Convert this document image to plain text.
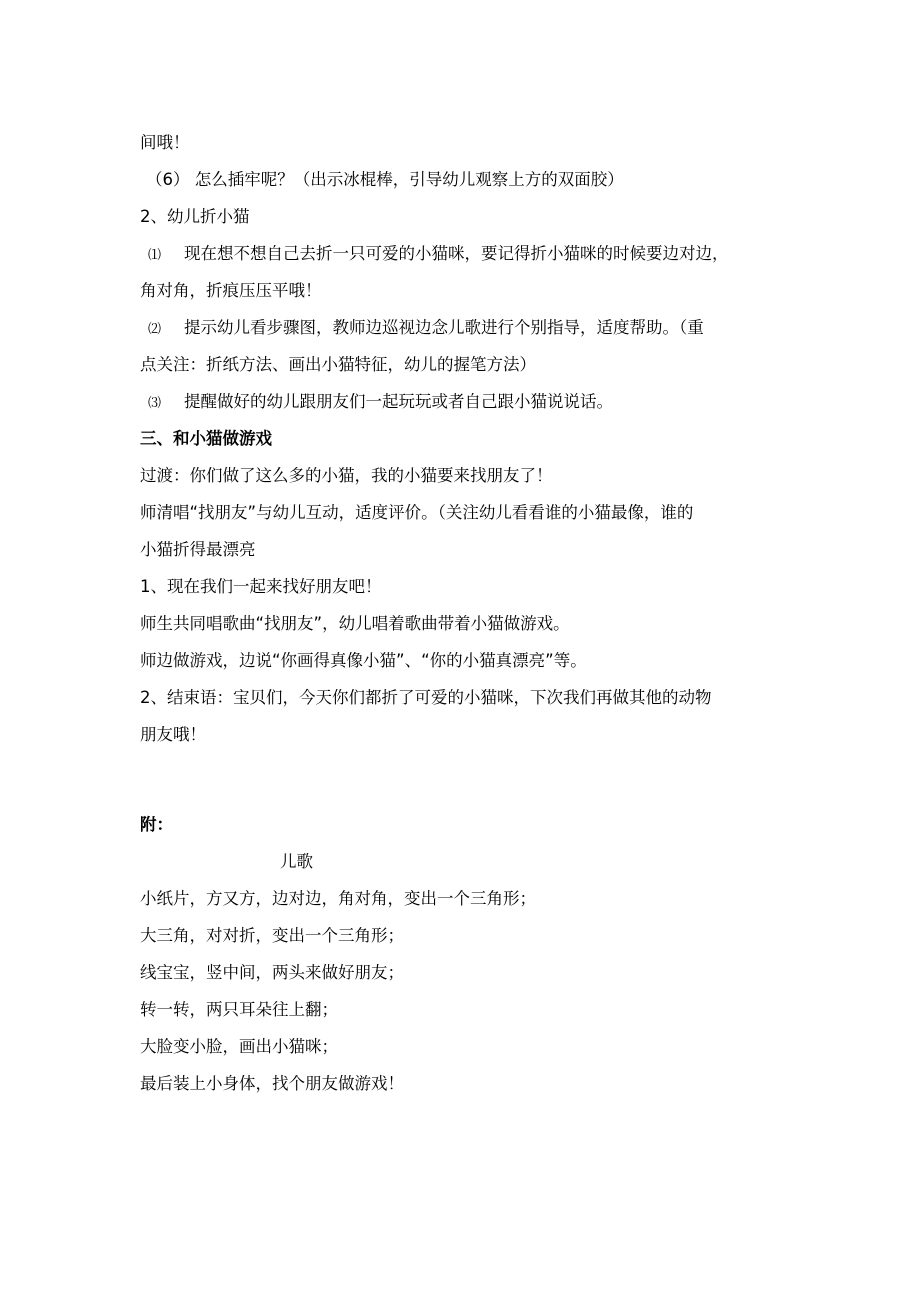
间哦！
（6） 怎么插牢呢？（出示冰棍棒，引导幼儿观察上方的双面胶）
2、幼儿折小猫
⑴ 现在想不想自己去折一只可爱的小猫咪，要记得折小猫咪的时候要边对边，
角对角，折痕压压平哦！
⑵ 提示幼儿看步骤图，教师边巡视边念儿歌进行个别指导，适度帮助。（重
点关注：折纸方法、画出小猫特征，幼儿的握笔方法）
⑶ 提醒做好的幼儿跟朋友们一起玩玩或者自己跟小猫说说话。
三、和小猫做游戏
过渡：你们做了这么多的小猫，我的小猫要来找朋友了！
师清唱“找朋友”与幼儿互动，适度评价。（关注幼儿看看谁的小猫最像，谁的
小猫折得最漂亮
1、现在我们一起来找好朋友吧！
师生共同唱歌曲“找朋友”，幼儿唱着歌曲带着小猫做游戏。
师边做游戏，边说“你画得真像小猫”、“你的小猫真漂亮”等。
2、结束语：宝贝们，今天你们都折了可爱的小猫咪，下次我们再做其他的动物
朋友哦！
附：
儿歌
小纸片，方又方，边对边，角对角，变出一个三角形；
大三角，对对折，变出一个三角形；
线宝宝，竖中间，两头来做好朋友；
转一转，两只耳朵往上翻；
大脸变小脸，画出小猫咪；
最后装上小身体，找个朋友做游戏！
